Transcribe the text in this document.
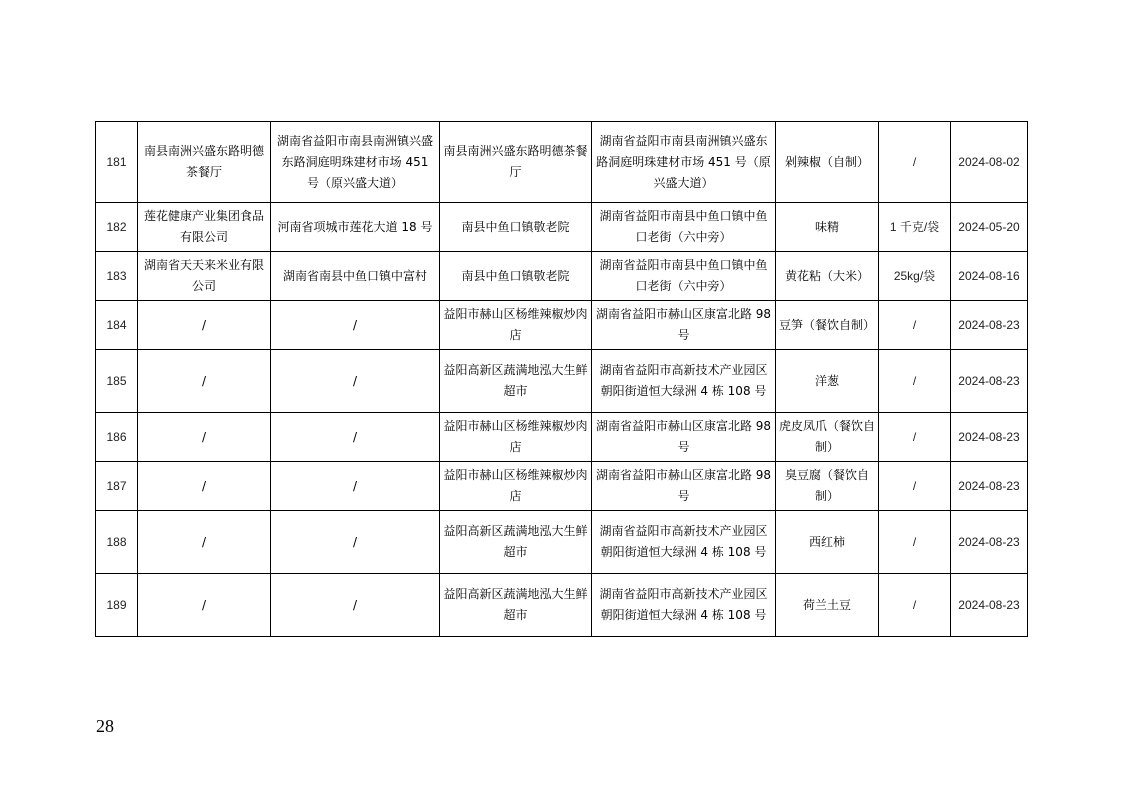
181	南县南洲兴盛东路明德茶餐厅	湖南省益阳市南县南洲镇兴盛东路洞庭明珠建材市场 451 号（原兴盛大道）	南县南洲兴盛东路明德茶餐厅	湖南省益阳市南县南洲镇兴盛东路洞庭明珠建材市场 451 号（原兴盛大道）	剁辣椒（自制）	/	2024-08-02
182	莲花健康产业集团食品有限公司	河南省项城市莲花大道 18 号	南县中鱼口镇敬老院	湖南省益阳市南县中鱼口镇中鱼口老街（六中旁）	味精	1 千克/袋	2024-05-20
183	湖南省天天来米业有限公司	湖南省南县中鱼口镇中富村	南县中鱼口镇敬老院	湖南省益阳市南县中鱼口镇中鱼口老街（六中旁）	黄花粘（大米）	25kg/袋	2024-08-16
184	/	/	益阳市赫山区杨维辣椒炒肉店	湖南省益阳市赫山区康富北路 98 号	豆笋（餐饮自制）	/	2024-08-23
185	/	/	益阳高新区蔬满地泓大生鲜超市	湖南省益阳市高新技术产业园区朝阳街道恒大绿洲 4 栋 108 号	洋葱	/	2024-08-23
186	/	/	益阳市赫山区杨维辣椒炒肉店	湖南省益阳市赫山区康富北路 98 号	虎皮凤爪（餐饮自制）	/	2024-08-23
187	/	/	益阳市赫山区杨维辣椒炒肉店	湖南省益阳市赫山区康富北路 98 号	臭豆腐（餐饮自制）	/	2024-08-23
188	/	/	益阳高新区蔬满地泓大生鲜超市	湖南省益阳市高新技术产业园区朝阳街道恒大绿洲 4 栋 108 号	西红柿	/	2024-08-23
189	/	/	益阳高新区蔬满地泓大生鲜超市	湖南省益阳市高新技术产业园区朝阳街道恒大绿洲 4 栋 108 号	荷兰土豆	/	2024-08-23
28
